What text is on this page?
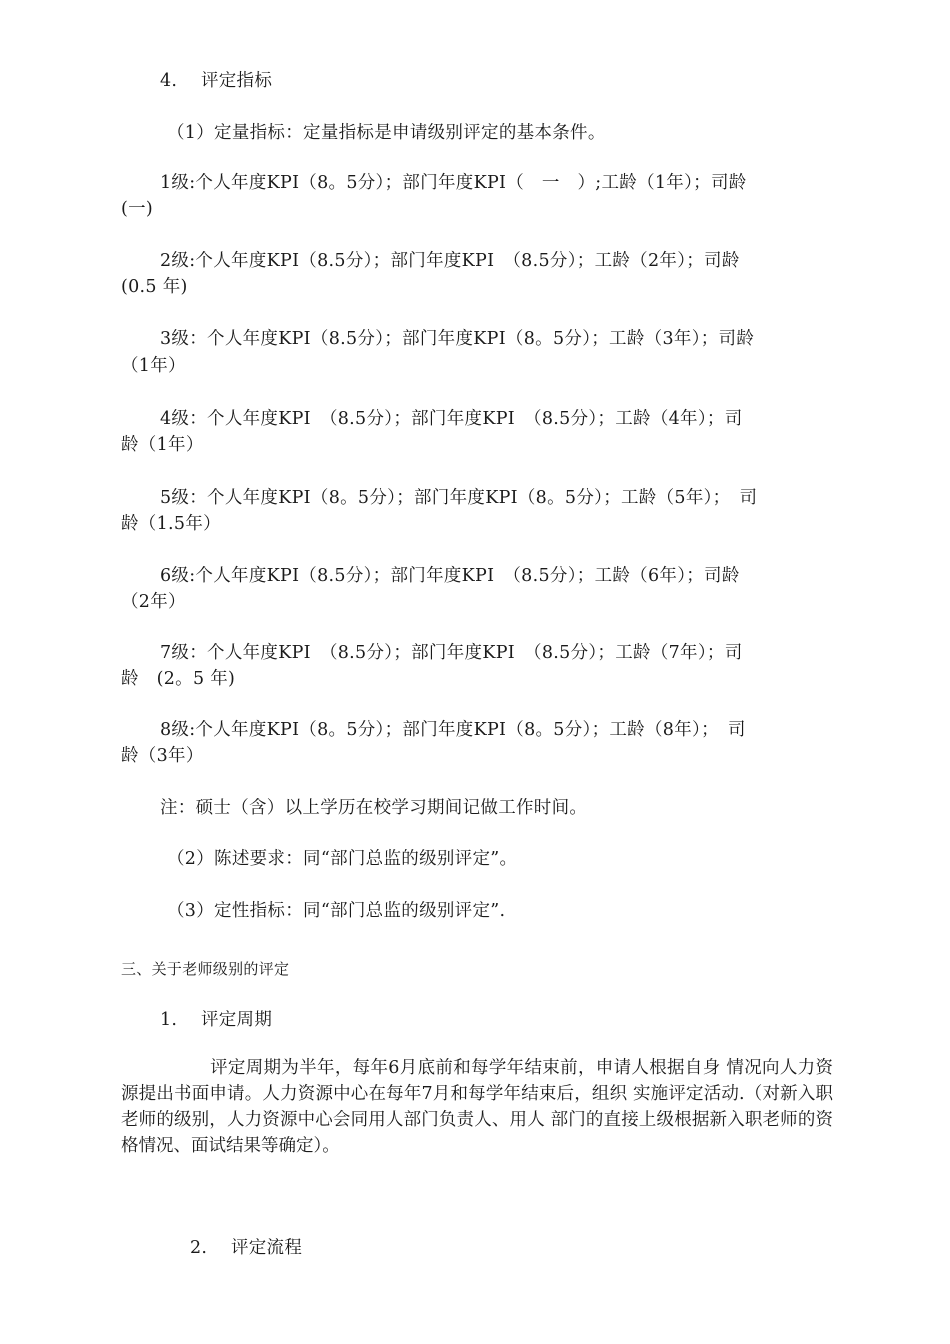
4.　 评定指标
（1）定量指标：定量指标是申请级别评定的基本条件。
1级:个人年度KPI（8。5分）；部门年度KPI（　一　）;工龄（1年）；司龄
(一)
2级:个人年度KPI（8.5分）；部门年度KPI　（8.5分）；工龄（2年）；司龄
(0.5 年)
3级：个人年度KPI（8.5分）；部门年度KPI（8。5分）；工龄（3年）；司龄
（1年）
4级：个人年度KPI　（8.5分）；部门年度KPI　（8.5分）；工龄（4年）；司
龄（1年）
5级：个人年度KPI（8。5分）；部门年度KPI（8。5分）；工龄（5年）；　司
龄（1.5年）
6级:个人年度KPI（8.5分）；部门年度KPI　（8.5分）；工龄（6年）；司龄
（2年）
7级：个人年度KPI　（8.5分）；部门年度KPI　（8.5分）；工龄（7年）；司
龄　(2。5 年)
8级:个人年度KPI（8。5分）；部门年度KPI（8。5分）；工龄（8年）；　司
龄（3年）
注：硕士（含）以上学历在校学习期间记做工作时间。
（2）陈述要求：同“部门总监的级别评定”。
（3）定性指标：同“部门总监的级别评定”.
三、关于老师级别的评定
1.　 评定周期
　　　　　评定周期为半年，每年6月底前和每学年结束前，申请人根据自身 情况向人力资源提出书面申请。人力资源中心在每年7月和每学年结束后，组织 实施评定活动.（对新入职老师的级别，人力资源中心会同用人部门负责人、用人 部门的直接上级根据新入职老师的资格情况、面试结果等确定）。
2.　 评定流程
